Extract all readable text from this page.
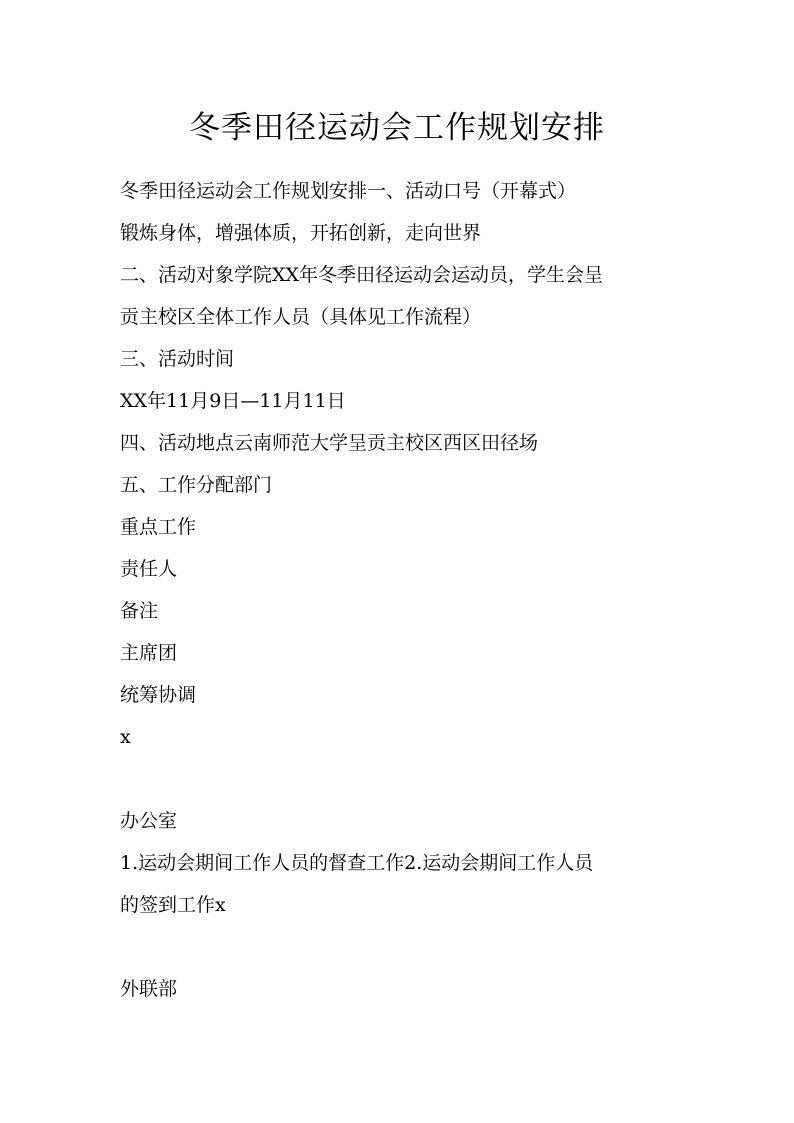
冬季田径运动会工作规划安排

冬季田径运动会工作规划安排一、活动口号（开幕式）

锻炼身体，增强体质，开拓创新，走向世界

二、活动对象学院XX年冬季田径运动会运动员，学生会呈

贡主校区全体工作人员（具体见工作流程）

三、活动时间

XX年11月9日—11月11日

四、活动地点云南师范大学呈贡主校区西区田径场

五、工作分配部门

重点工作

责任人

备注

主席团

统筹协调

x

办公室

1.运动会期间工作人员的督查工作2.运动会期间工作人员

的签到工作x

外联部
